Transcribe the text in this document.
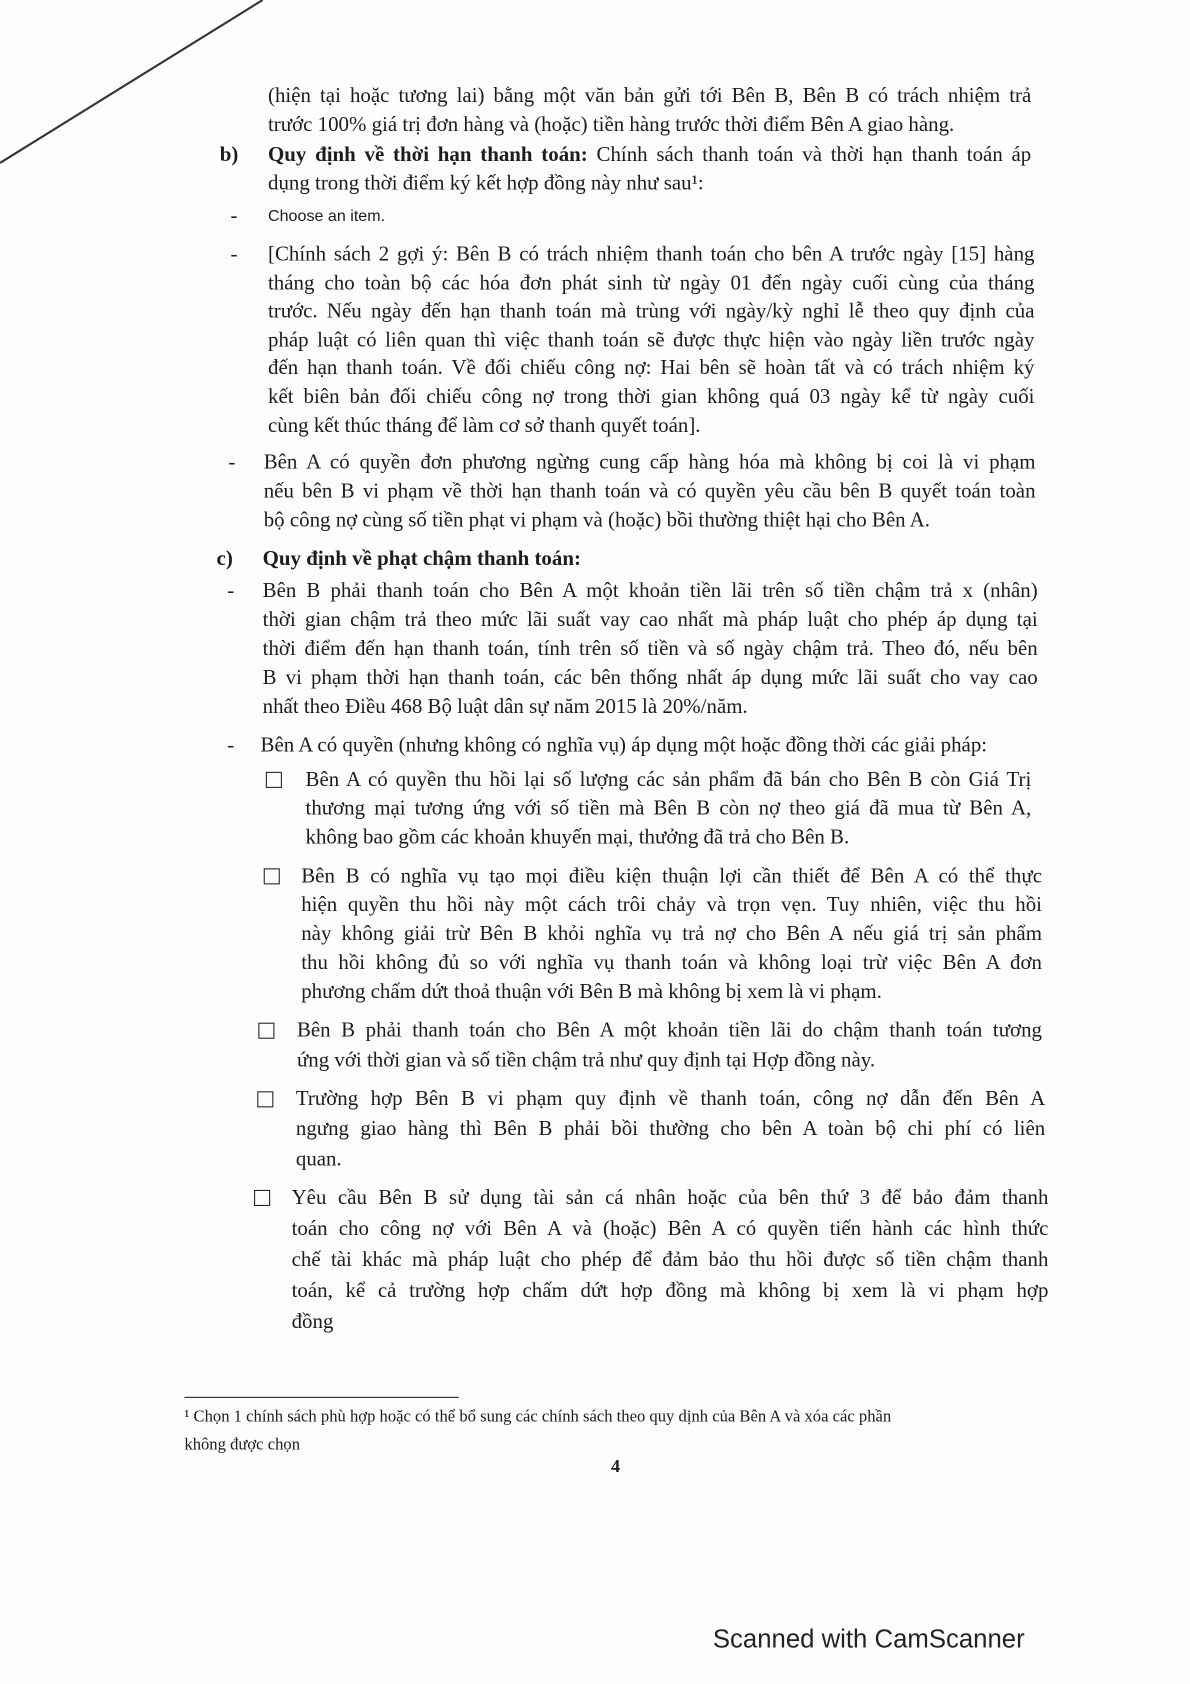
4
Scanned with CamScanner
(hiện tại hoặc tương lai) bằng một văn bản gửi tới Bên B, Bên B có trách nhiệm trả
trước 100% giá trị đơn hàng và (hoặc) tiền hàng trước thời điểm Bên A giao hàng.
b) Quy định về thời hạn thanh toán: Chính sách thanh toán và thời hạn thanh toán áp
dụng trong thời điểm ký kết hợp đồng này như sau¹:
- Choose an item.
- [Chính sách 2 gợi ý: Bên B có trách nhiệm thanh toán cho bên A trước ngày [15] hàng
tháng cho toàn bộ các hóa đơn phát sinh từ ngày 01 đến ngày cuối cùng của tháng
trước. Nếu ngày đến hạn thanh toán mà trùng với ngày/kỳ nghỉ lễ theo quy định của
pháp luật có liên quan thì việc thanh toán sẽ được thực hiện vào ngày liền trước ngày
đến hạn thanh toán. Về đối chiếu công nợ: Hai bên sẽ hoàn tất và có trách nhiệm ký
kết biên bản đối chiếu công nợ trong thời gian không quá 03 ngày kể từ ngày cuối
cùng kết thúc tháng để làm cơ sở thanh quyết toán].
- Bên A có quyền đơn phương ngừng cung cấp hàng hóa mà không bị coi là vi phạm
nếu bên B vi phạm về thời hạn thanh toán và có quyền yêu cầu bên B quyết toán toàn
bộ công nợ cùng số tiền phạt vi phạm và (hoặc) bồi thường thiệt hại cho Bên A.
c) Quy định về phạt chậm thanh toán:
- Bên B phải thanh toán cho Bên A một khoản tiền lãi trên số tiền chậm trả x (nhân)
thời gian chậm trả theo mức lãi suất vay cao nhất mà pháp luật cho phép áp dụng tại
thời điểm đến hạn thanh toán, tính trên số tiền và số ngày chậm trả. Theo đó, nếu bên
B vi phạm thời hạn thanh toán, các bên thống nhất áp dụng mức lãi suất cho vay cao
nhất theo Điều 468 Bộ luật dân sự năm 2015 là 20%/năm.
- Bên A có quyền (nhưng không có nghĩa vụ) áp dụng một hoặc đồng thời các giải pháp:
Bên A có quyền thu hồi lại số lượng các sản phẩm đã bán cho Bên B còn Giá Trị
thương mại tương ứng với số tiền mà Bên B còn nợ theo giá đã mua từ Bên A,
không bao gồm các khoản khuyến mại, thưởng đã trả cho Bên B.
Bên B có nghĩa vụ tạo mọi điều kiện thuận lợi cần thiết để Bên A có thể thực
hiện quyền thu hồi này một cách trôi chảy và trọn vẹn. Tuy nhiên, việc thu hồi
này không giải trừ Bên B khỏi nghĩa vụ trả nợ cho Bên A nếu giá trị sản phẩm
thu hồi không đủ so với nghĩa vụ thanh toán và không loại trừ việc Bên A đơn
phương chấm dứt thoả thuận với Bên B mà không bị xem là vi phạm.
Bên B phải thanh toán cho Bên A một khoản tiền lãi do chậm thanh toán tương
ứng với thời gian và số tiền chậm trả như quy định tại Hợp đồng này.
Trường hợp Bên B vi phạm quy định về thanh toán, công nợ dẫn đến Bên A
ngưng giao hàng thì Bên B phải bồi thường cho bên A toàn bộ chi phí có liên
quan.
Yêu cầu Bên B sử dụng tài sản cá nhân hoặc của bên thứ 3 để bảo đảm thanh
toán cho công nợ với Bên A và (hoặc) Bên A có quyền tiến hành các hình thức
chế tài khác mà pháp luật cho phép để đảm bảo thu hồi được số tiền chậm thanh
toán, kể cả trường hợp chấm dứt hợp đồng mà không bị xem là vi phạm hợp
đồng
¹ Chọn 1 chính sách phù hợp hoặc có thể bổ sung các chính sách theo quy dịnh của Bên A và xóa các phần
không được chọn
